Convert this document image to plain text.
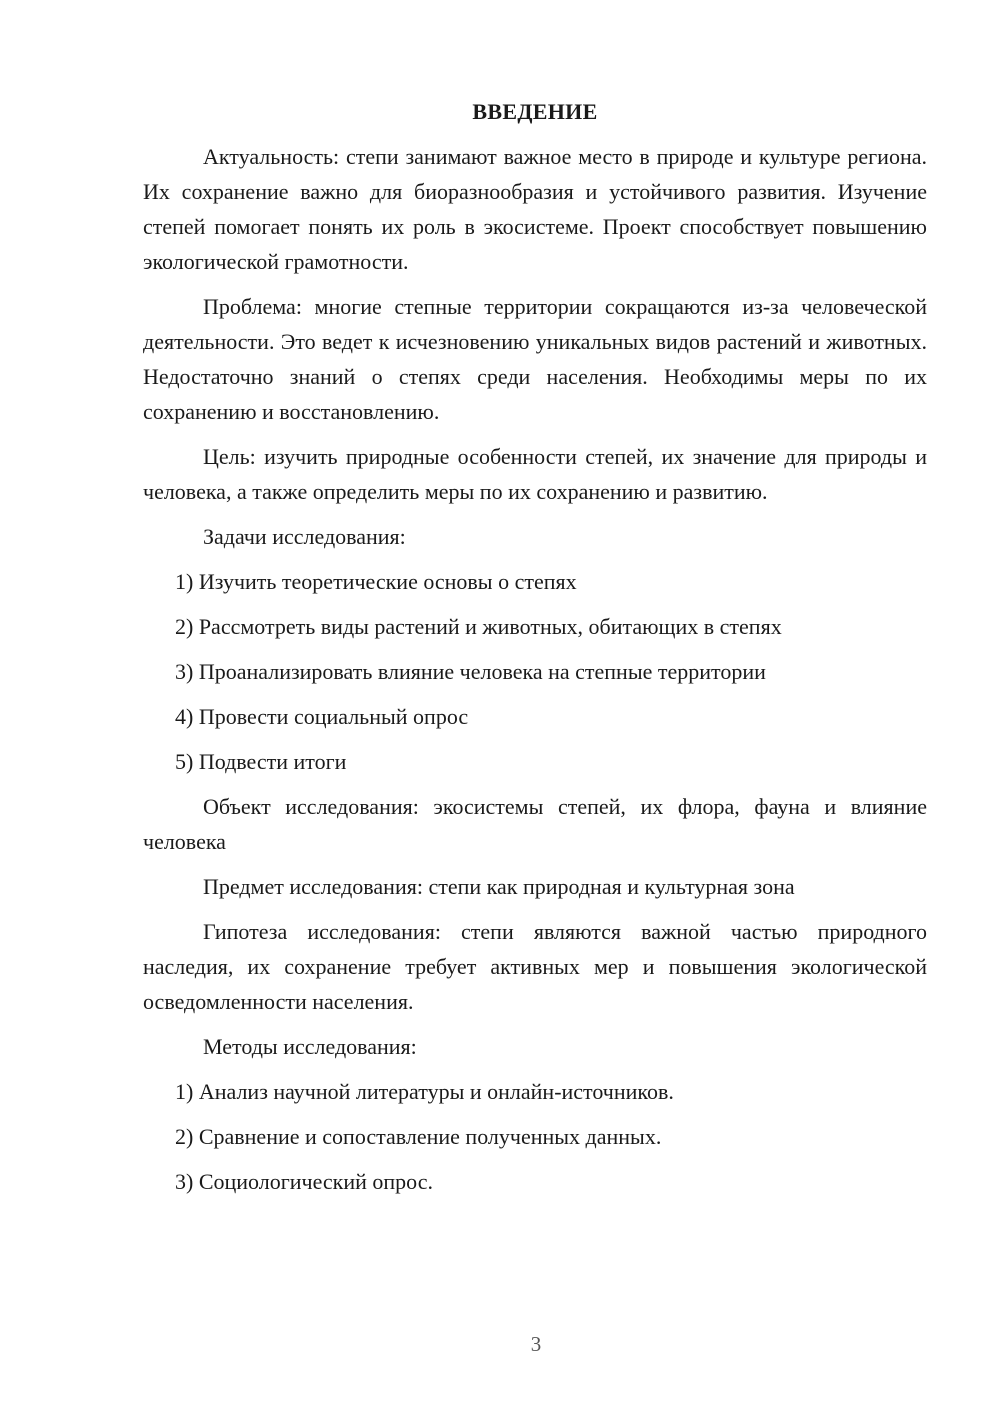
ВВЕДЕНИЕ

Актуальность: степи занимают важное место в природе и культуре региона. Их сохранение важно для биоразнообразия и устойчивого развития. Изучение степей помогает понять их роль в экосистеме. Проект способствует повышению экологической грамотности.

Проблема: многие степные территории сокращаются из-за человеческой деятельности. Это ведет к исчезновению уникальных видов растений и животных. Недостаточно знаний о степях среди населения. Необходимы меры по их сохранению и восстановлению.

Цель: изучить природные особенности степей, их значение для природы и человека, а также определить меры по их сохранению и развитию.

Задачи исследования:

1) Изучить теоретические основы о степях
2) Рассмотреть виды растений и животных, обитающих в степях
3) Проанализировать влияние человека на степные территории
4) Провести социальный опрос
5) Подвести итоги

Объект исследования: экосистемы степей, их флора, фауна и влияние человека

Предмет исследования: степи как природная и культурная зона

Гипотеза исследования: степи являются важной частью природного наследия, их сохранение требует активных мер и повышения экологической осведомленности населения.

Методы исследования:

1) Анализ научной литературы и онлайн-источников.
2) Сравнение и сопоставление полученных данных.
3) Социологический опрос.
3
